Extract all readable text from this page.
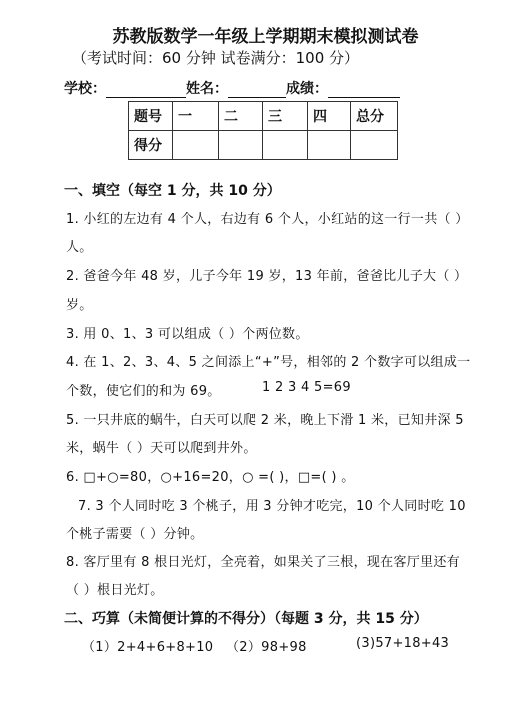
苏教版数学一年级上学期期末模拟测试卷
（考试时间：60 分钟 试卷满分：100 分）
学校：	姓名：	成绩：
题号	一	二	三	四	总分
得分					
一、填空（每空 1 分，共 10 分）
1. 小红的左边有 4 个人，右边有 6 个人，小红站的这一行一共（ ）
人。
2. 爸爸今年 48 岁，儿子今年 19 岁，13 年前，爸爸比儿子大（ ）
岁。
3. 用 0、1、3 可以组成（ ）个两位数。
4. 在 1、2、3、4、5 之间添上“+”号，相邻的 2 个数字可以组成一
个数，使它们的和为 69。	1 2 3 4 5=69
5. 一只井底的蜗牛，白天可以爬 2 米，晚上下滑 1 米，已知井深 5
米，蜗牛（ ）天可以爬到井外。
6. □+○=80，○+16=20，○ =( )，□=( ) 。
7. 3 个人同时吃 3 个桃子，用 3 分钟才吃完，10 个人同时吃 10
个桃子需要（ ）分钟。
8. 客厅里有 8 根日光灯，全亮着，如果关了三根，现在客厅里还有
（ ）根日光灯。
二、巧算（未简便计算的不得分）（每题 3 分，共 15 分）
（1）2+4+6+8+10 （2）98+98	(3)57+18+43
